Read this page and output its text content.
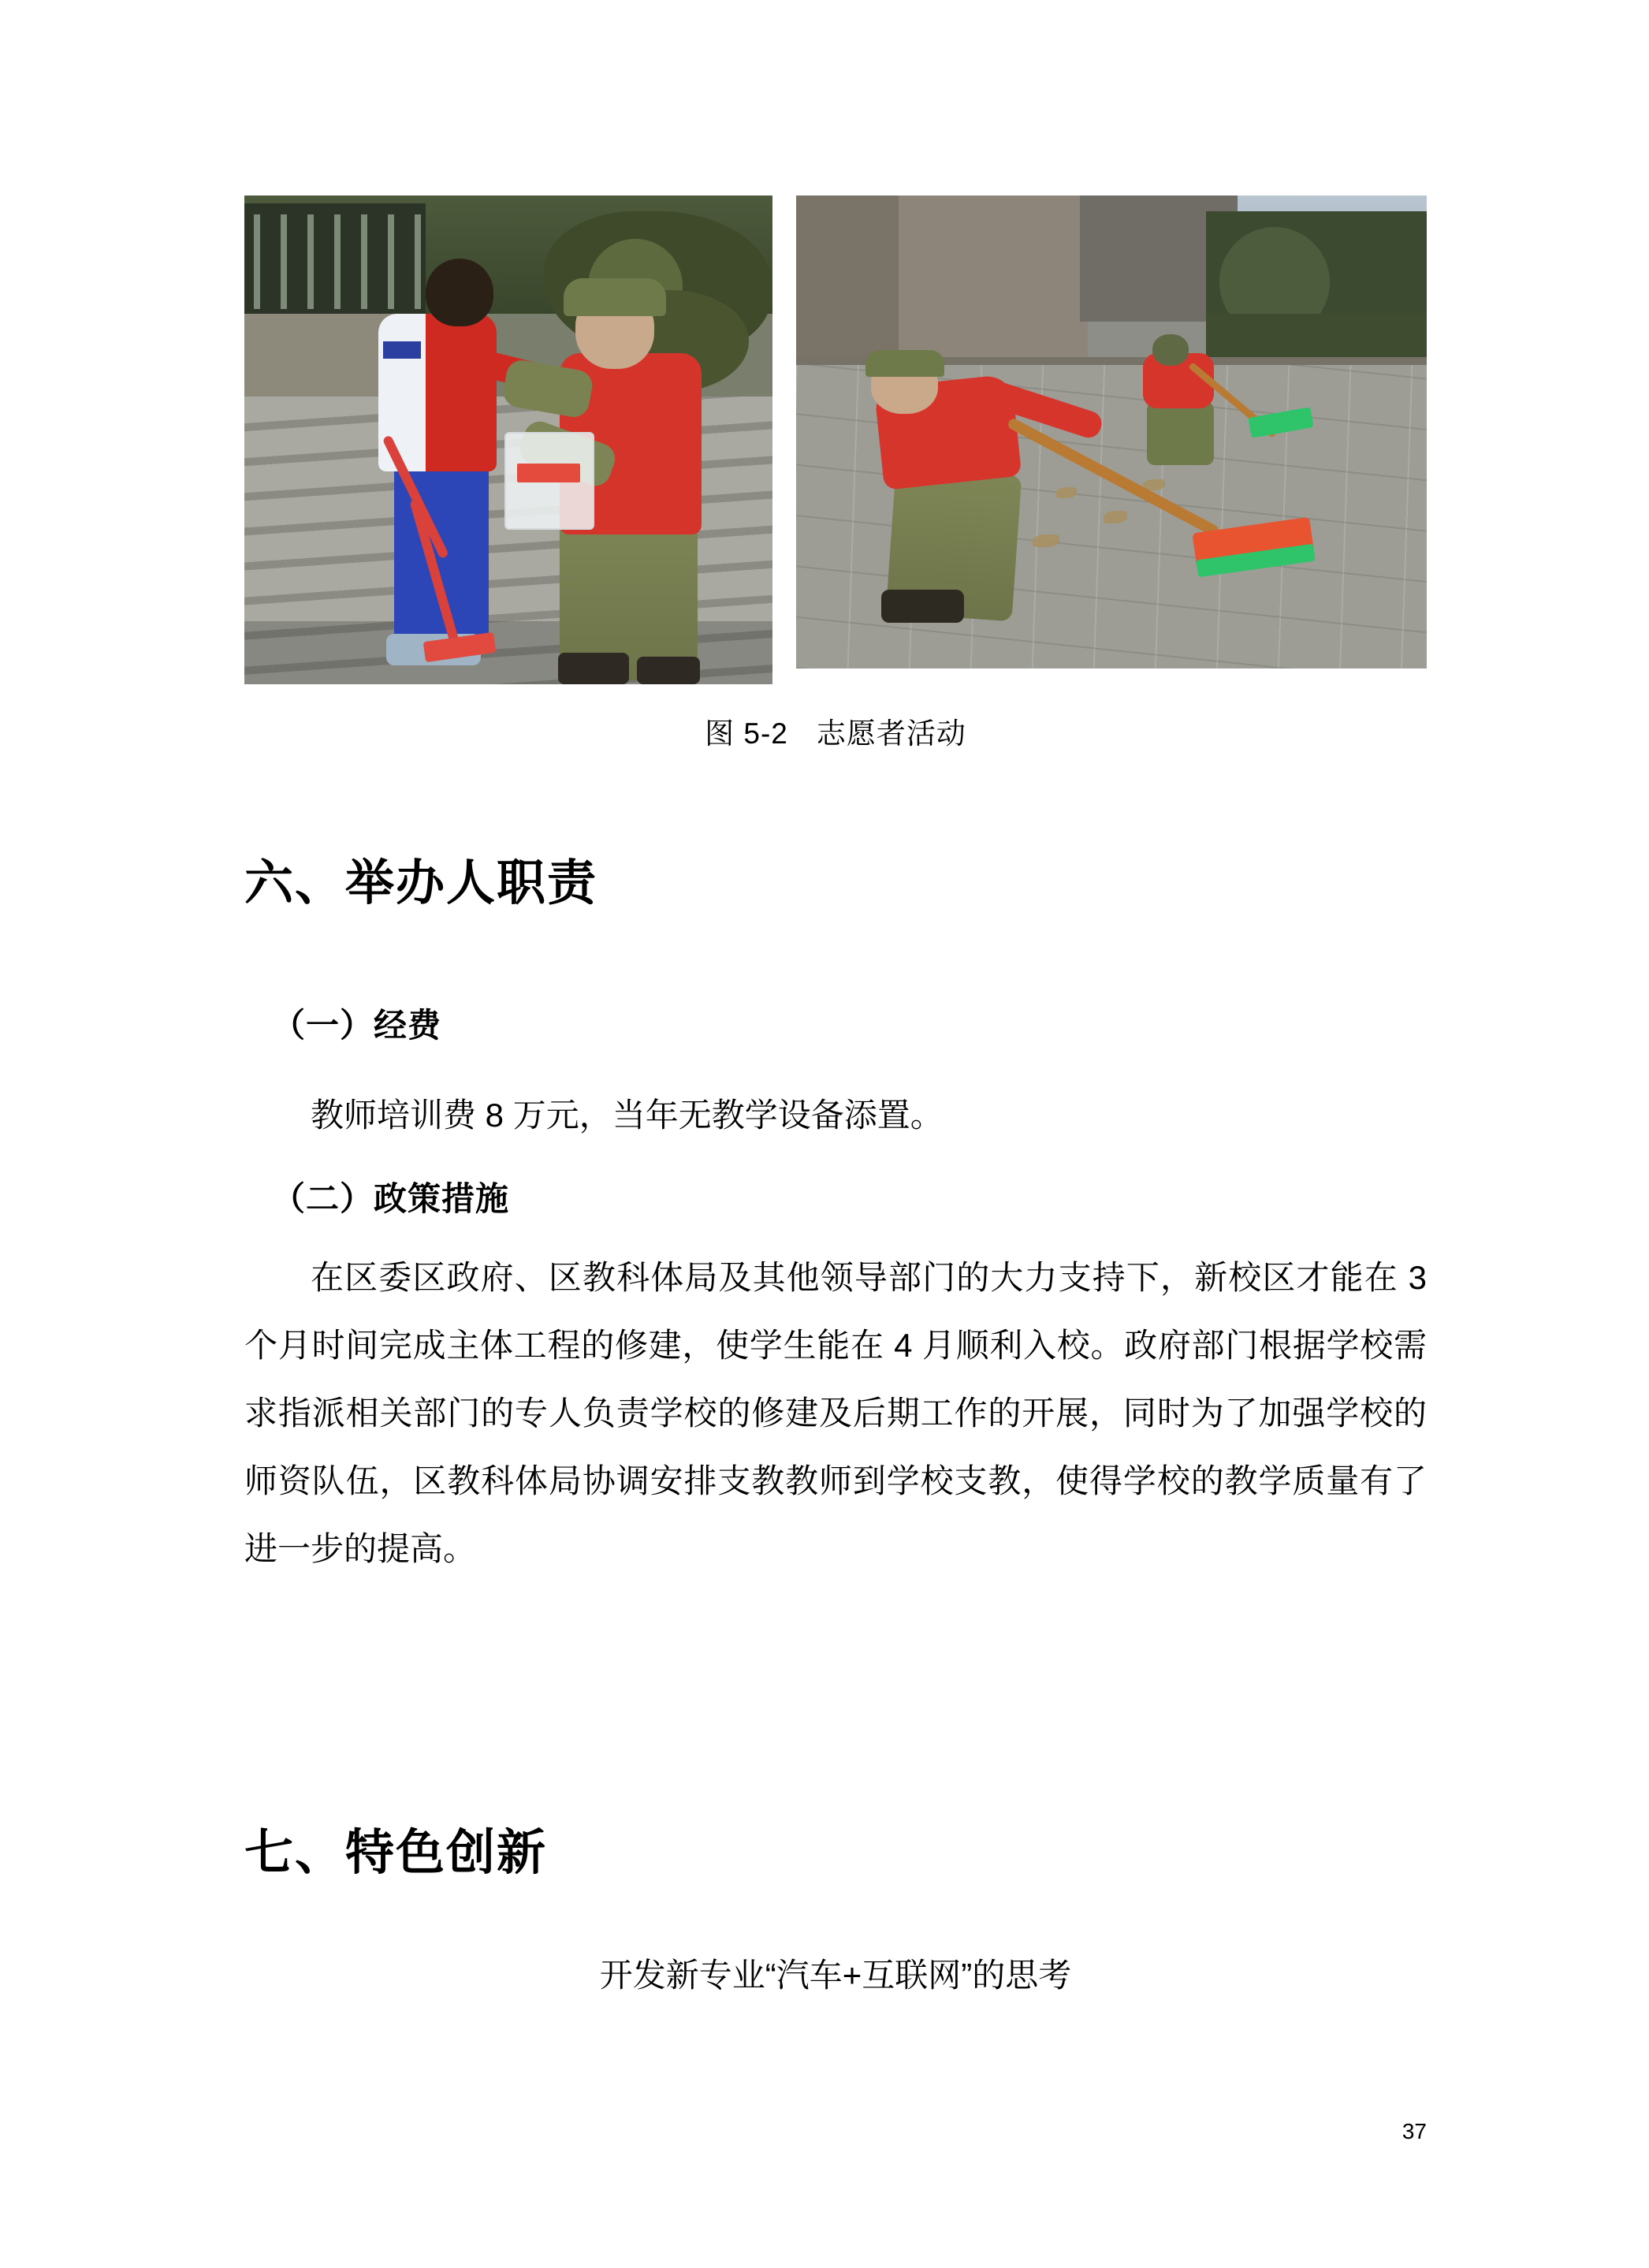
图 5-2 志愿者活动
六、举办人职责
（一）经费

教师培训费 8 万元，当年无教学设备添置。

（二）政策措施

在区委区政府、区教科体局及其他领导部门的大力支持下，新校区才能在 3 个月时间完成主体工程的修建，使学生能在 4 月顺利入校。政府部门根据学校需求指派相关部门的专人负责学校的修建及后期工作的开展，同时为了加强学校的师资队伍，区教科体局协调安排支教教师到学校支教，使得学校的教学质量有了进一步的提高。

七、特色创新

开发新专业“汽车+互联网”的思考

37
